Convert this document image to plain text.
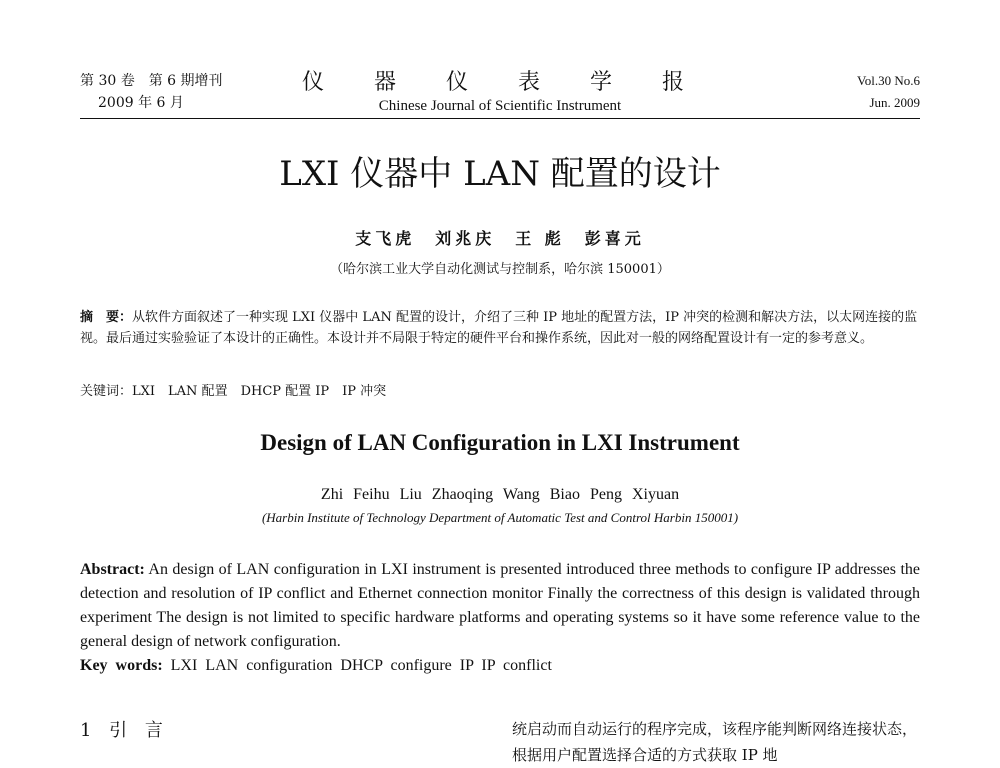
第 30 卷　第 6 期增刊
2009 年 6 月
仪　器　仪　表　学　报
Chinese Journal of Scientific Instrument
Vol.30 No.6
Jun. 2009
LXI 仪器中 LAN 配置的设计
支飞虎　刘兆庆　王 彪　彭喜元
（哈尔滨工业大学自动化测试与控制系，哈尔滨 150001）
摘　要：从软件方面叙述了一种实现 LXI 仪器中 LAN 配置的设计，介绍了三种 IP 地址的配置方法，IP 冲突的检测和解决方法，以太网连接的监视。最后通过实验验证了本设计的正确性。本设计并不局限于特定的硬件平台和操作系统，因此对一般的网络配置设计有一定的参考意义。
关键词：LXI　LAN 配置　DHCP 配置 IP　IP 冲突
Design of LAN Configuration in LXI Instrument
Zhi Feihu Liu Zhaoqing Wang Biao Peng Xiyuan
(Harbin Institute of Technology Department of Automatic Test and Control Harbin 150001)
Abstract: An design of LAN configuration in LXI instrument is presented introduced three methods to configure IP addresses the detection and resolution of IP conflict and Ethernet connection monitor Finally the correctness of this design is validated through experiment The design is not limited to specific hardware platforms and operating systems so it have some reference value to the general design of network configuration.
Key words: LXI LAN configuration DHCP configure IP IP conflict
1 引 言	统启动而自动运行的程序完成，该程序能判断网络连接状态，根据用户配置选择合适的方式获取 IP 地
